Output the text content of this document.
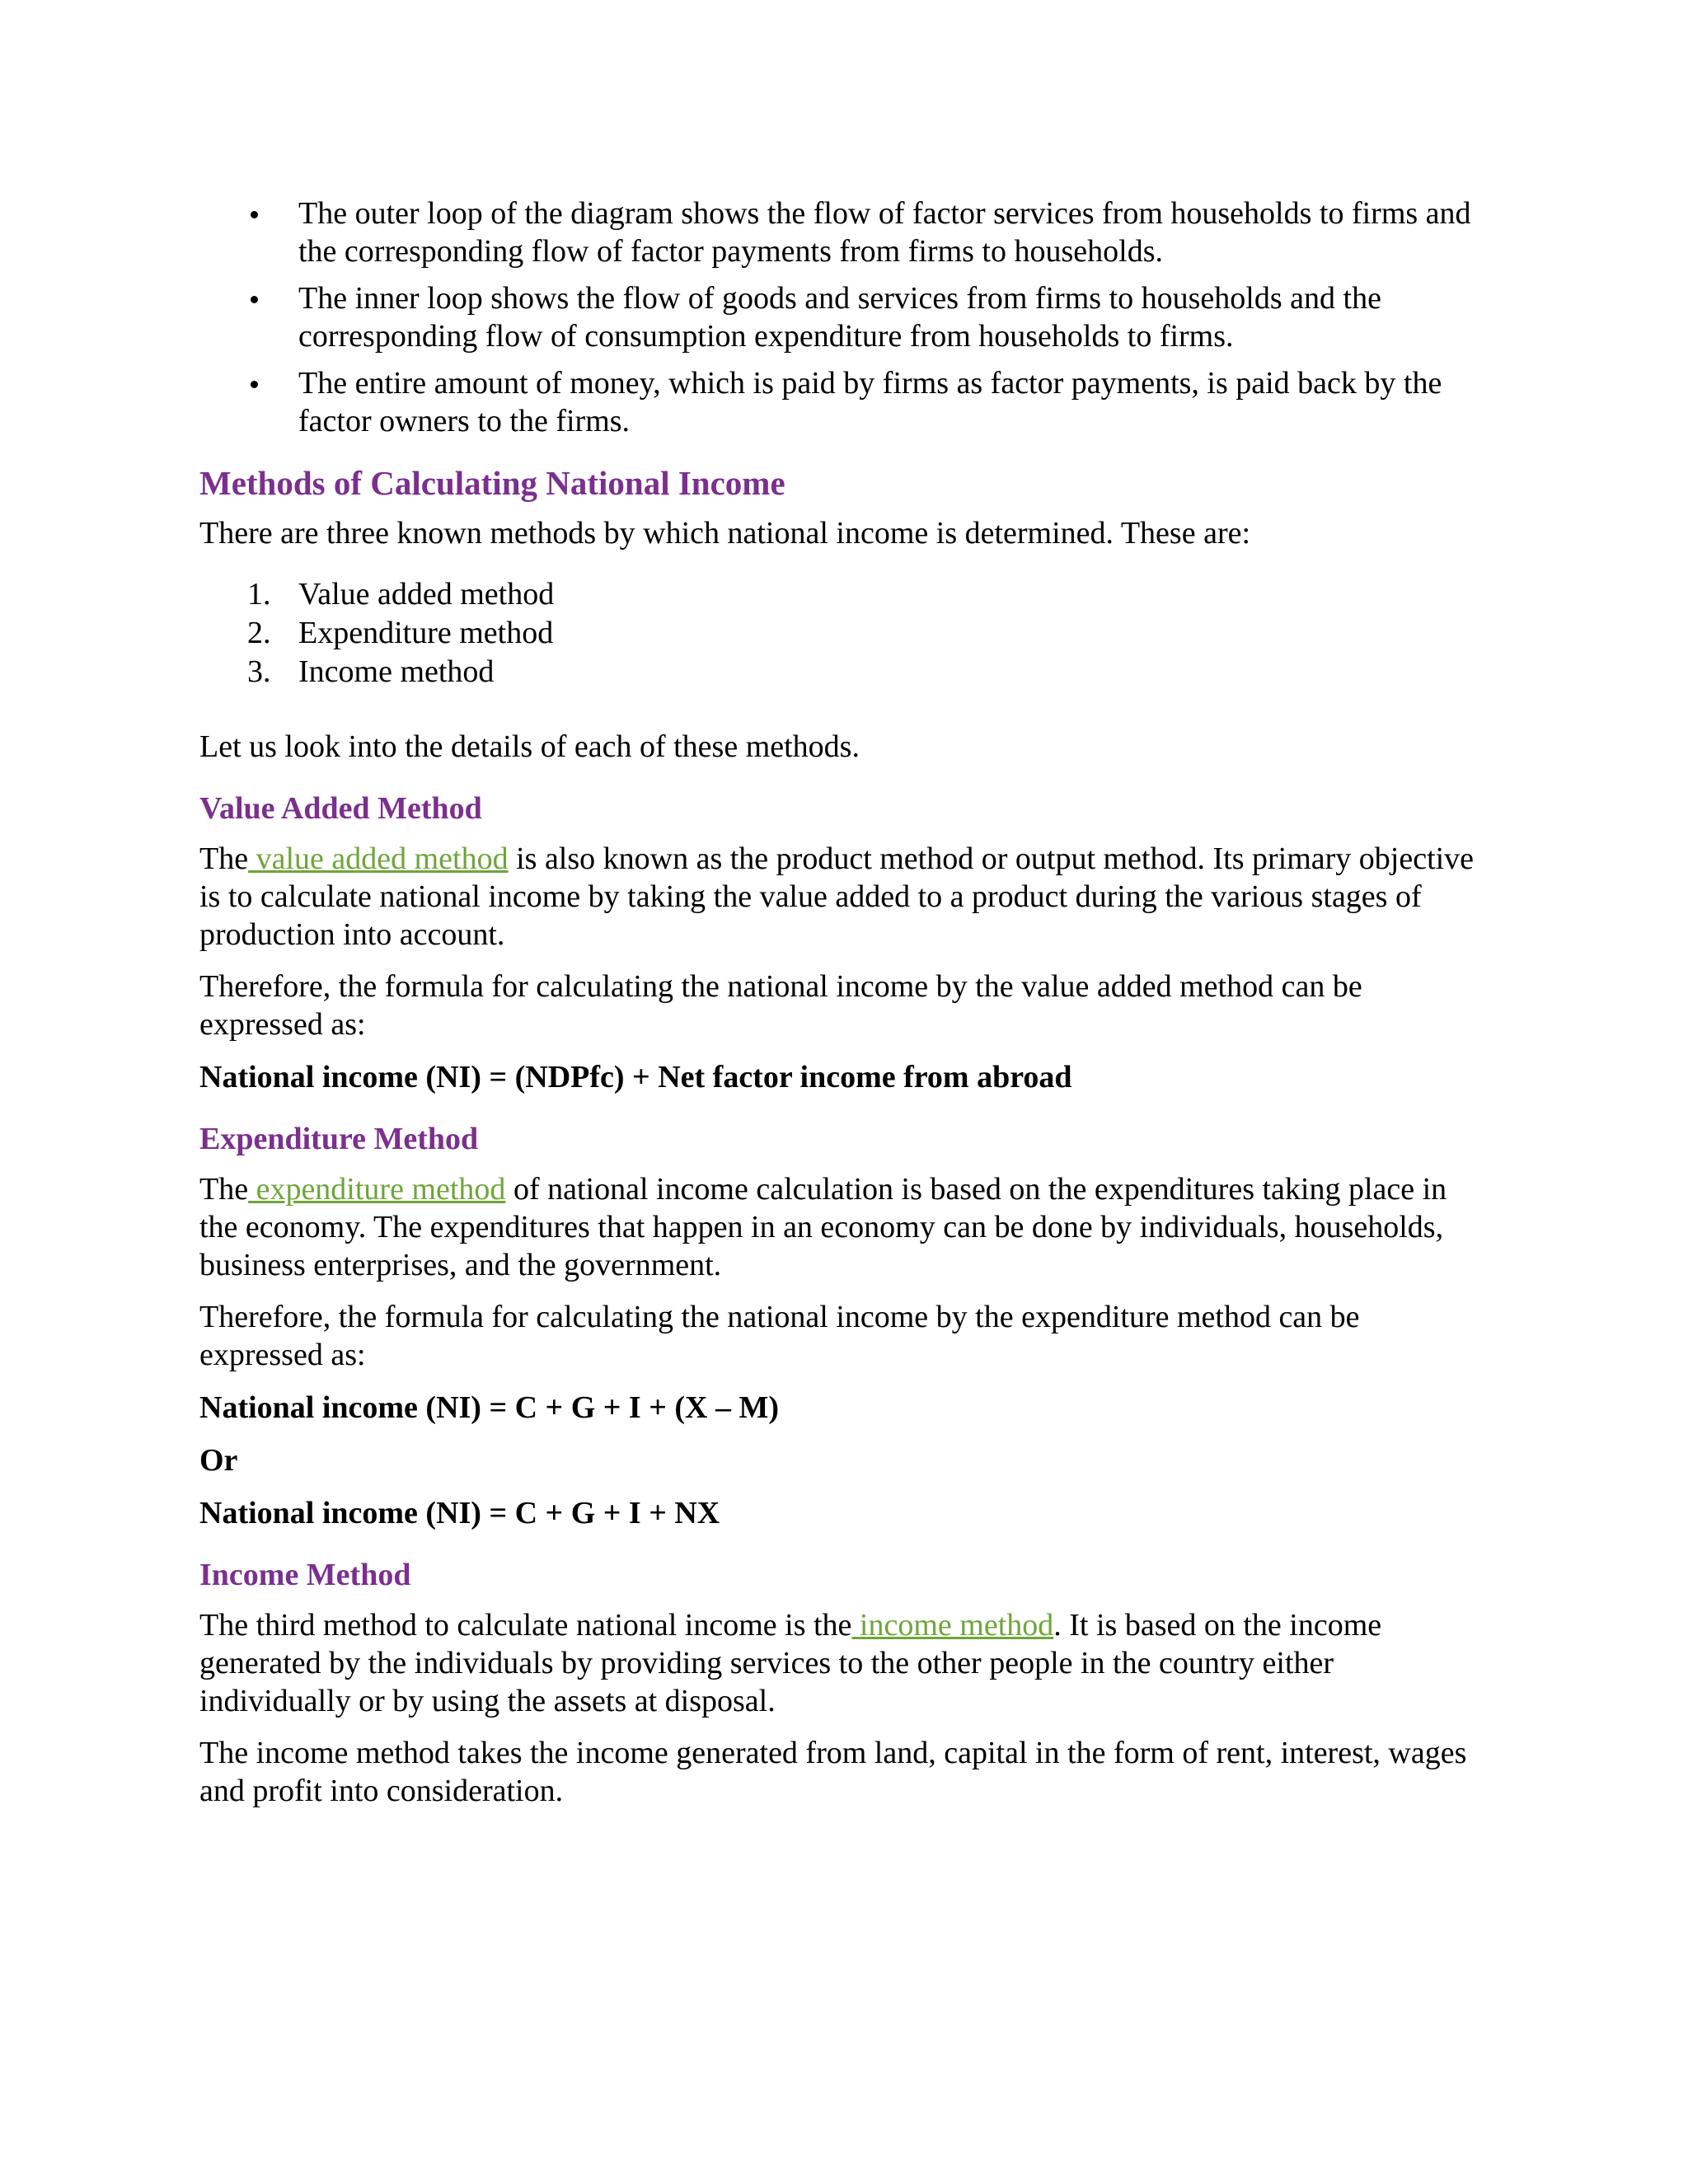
The outer loop of the diagram shows the flow of factor services from households to firms and the corresponding flow of factor payments from firms to households.
The inner loop shows the flow of goods and services from firms to households and the corresponding flow of consumption expenditure from households to firms.
The entire amount of money, which is paid by firms as factor payments, is paid back by the factor owners to the firms.
Methods of Calculating National Income

There are three known methods by which national income is determined. These are:

1. Value added method
2. Expenditure method
3. Income method

Let us look into the details of each of these methods.

Value Added Method

The value added method is also known as the product method or output method. Its primary objective is to calculate national income by taking the value added to a product during the various stages of production into account.

Therefore, the formula for calculating the national income by the value added method can be expressed as:

National income (NI) = (NDPfc) + Net factor income from abroad

Expenditure Method

The expenditure method of national income calculation is based on the expenditures taking place in the economy. The expenditures that happen in an economy can be done by individuals, households, business enterprises, and the government.

Therefore, the formula for calculating the national income by the expenditure method can be expressed as:

National income (NI) = C + G + I + (X – M)

Or

National income (NI) = C + G + I + NX

Income Method

The third method to calculate national income is the income method. It is based on the income generated by the individuals by providing services to the other people in the country either individually or by using the assets at disposal.

The income method takes the income generated from land, capital in the form of rent, interest, wages and profit into consideration.
